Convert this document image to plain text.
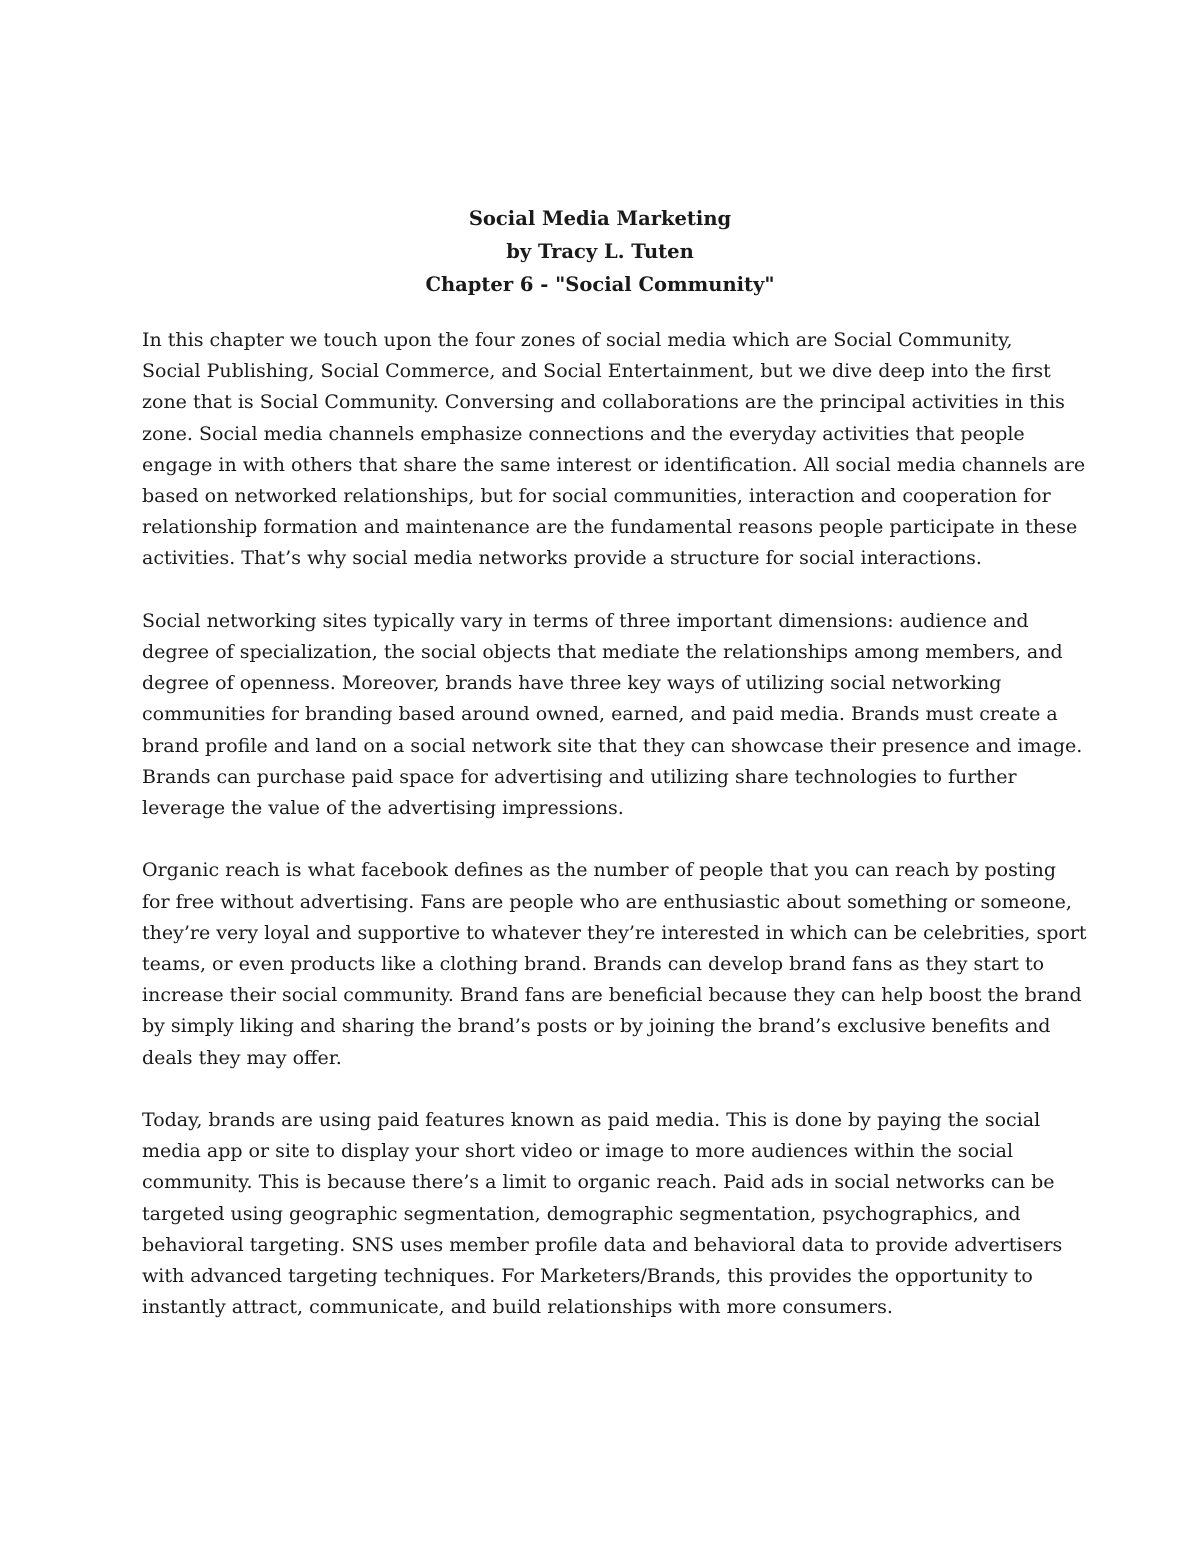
Social Media Marketing
by Tracy L. Tuten
Chapter 6 - "Social Community"
In this chapter we touch upon the four zones of social media which are Social Community,
Social Publishing, Social Commerce, and Social Entertainment, but we dive deep into the first
zone that is Social Community. Conversing and collaborations are the principal activities in this
zone. Social media channels emphasize connections and the everyday activities that people
engage in with others that share the same interest or identification. All social media channels are
based on networked relationships, but for social communities, interaction and cooperation for
relationship formation and maintenance are the fundamental reasons people participate in these
activities. That’s why social media networks provide a structure for social interactions.
Social networking sites typically vary in terms of three important dimensions: audience and
degree of specialization, the social objects that mediate the relationships among members, and
degree of openness. Moreover, brands have three key ways of utilizing social networking
communities for branding based around owned, earned, and paid media. Brands must create a
brand profile and land on a social network site that they can showcase their presence and image.
Brands can purchase paid space for advertising and utilizing share technologies to further
leverage the value of the advertising impressions.
Organic reach is what facebook defines as the number of people that you can reach by posting
for free without advertising. Fans are people who are enthusiastic about something or someone,
they’re very loyal and supportive to whatever they’re interested in which can be celebrities, sport
teams, or even products like a clothing brand. Brands can develop brand fans as they start to
increase their social community. Brand fans are beneficial because they can help boost the brand
by simply liking and sharing the brand’s posts or by joining the brand’s exclusive benefits and
deals they may offer.
Today, brands are using paid features known as paid media. This is done by paying the social
media app or site to display your short video or image to more audiences within the social
community. This is because there’s a limit to organic reach. Paid ads in social networks can be
targeted using geographic segmentation, demographic segmentation, psychographics, and
behavioral targeting. SNS uses member profile data and behavioral data to provide advertisers
with advanced targeting techniques. For Marketers/Brands, this provides the opportunity to
instantly attract, communicate, and build relationships with more consumers.
